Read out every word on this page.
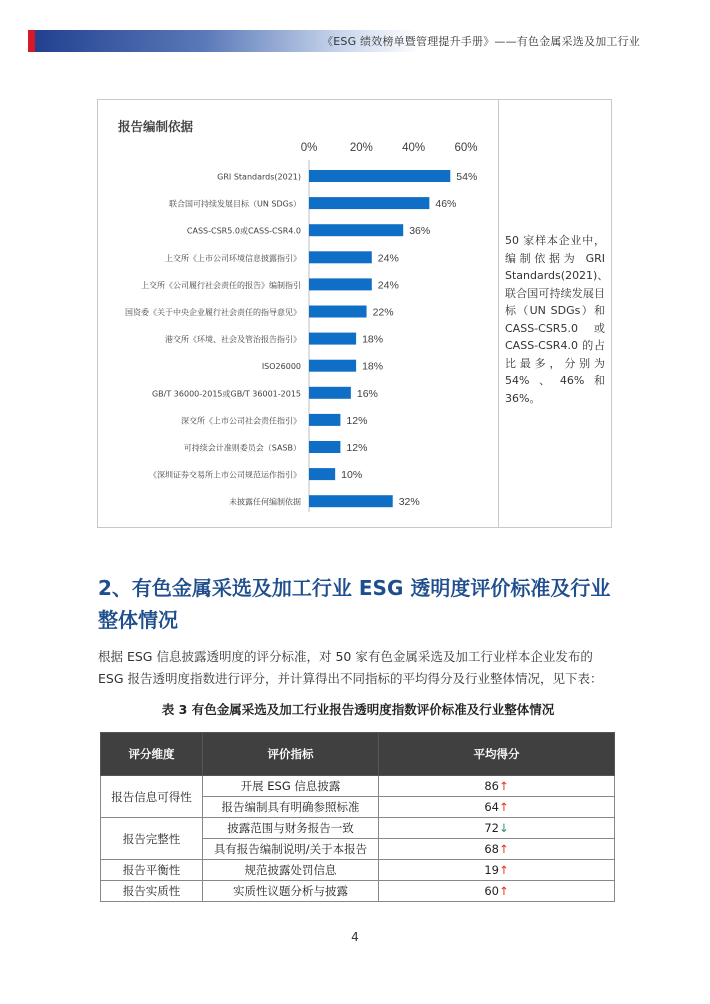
《ESG 绩效榜单暨管理提升手册》——有色金属采选及加工行业
报告编制依据
0%	20%	40%	60%
GRI Standards(2021)	54%
联合国可持续发展目标（UN SDGs）	46%
CASS-CSR5.0或CASS-CSR4.0	36%
上交所《上市公司环境信息披露指引》	24%
上交所《公司履行社会责任的报告》编制指引	24%
国资委《关于中央企业履行社会责任的指导意见》	22%
港交所《环境、社会及管治报告指引》	18%
ISO26000	18%
GB/T 36000-2015或GB/T 36001-2015	16%
深交所《上市公司社会责任指引》	12%
可持续会计准则委员会（SASB）	12%
《深圳证券交易所上市公司规范运作指引》	10%
未披露任何编制依据	32%
50 家样本企业中，编制依据为 GRI Standards(2021)、联合国可持续发展目标（UN SDGs）和 CASS-CSR5.0 或 CASS-CSR4.0 的占比最多，分别为 54%、46%和 36%。
2、有色金属采选及加工行业 ESG 透明度评价标准及行业整体情况
根据 ESG 信息披露透明度的评分标准，对 50 家有色金属采选及加工行业样本企业发布的 ESG 报告透明度指数进行评分，并计算得出不同指标的平均得分及行业整体情况，见下表：
表 3 有色金属采选及加工行业报告透明度指数评价标准及行业整体情况
评分维度	评价指标	平均得分
报告信息可得性	开展 ESG 信息披露	86↑
	报告编制具有明确参照标准	64↑
报告完整性	披露范围与财务报告一致	72↓
	具有报告编制说明/关于本报告	68↑
报告平衡性	规范披露处罚信息	19↑
报告实质性	实质性议题分析与披露	60↑
4
